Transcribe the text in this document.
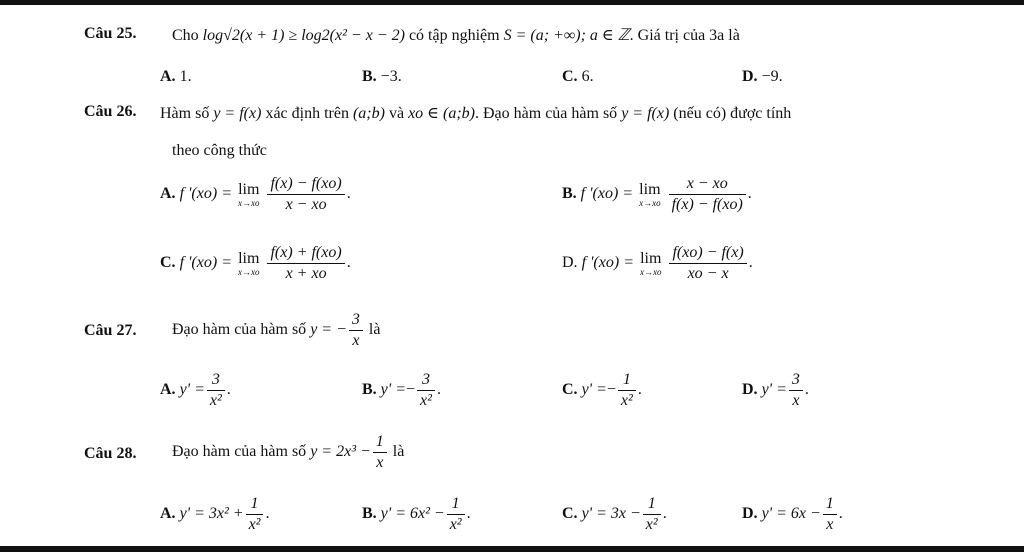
Câu 25. Cho log√2(x + 1) ≥ log2(x² − x − 2) có tập nghiệm S = (a; +∞); a ∈ ℤ. Giá trị của 3a là
A. 1.	B. −3.	C. 6.	D. −9.
Câu 26. Hàm số y = f(x) xác định trên (a;b) và xo ∈ (a;b). Đạo hàm của hàm số y = f(x) (nếu có) được tính
theo công thức
A. f '(xo) = lim
x→xo
$\frac{f(x) - f(xo)}{x - xo}$ .	B. f '(xo) = lim
x→xo
$\frac{x - xo}{f(x) - f(xo)}$ .
C. f '(xo) = lim
x→xo
$\frac{f(x) + f(xo)}{x + xo}$ .	D. f '(xo) = lim
x→xo
$\frac{f(xo) - f(x)}{xo - x}$ .
Câu 27. Đạo hàm của hàm số y = − $\frac{3}{x}$ là
A. $y' = \frac{3}{\text{x²}}$ .	B. $y' =- \frac{3}{\text{x²}}$ .	C. $y' =- \frac{1}{\text{x²}}$ .	D. $y' = \frac{3}{x}$ .
Câu 28. Đạo hàm của hàm số $y = 2x^3 - \frac{1}{x}$ là
A. $y' = 3x^2 + \frac{1}{\text{x²}}$ .	B. $y' = 6x^2 - \frac{1}{\text{x²}}$ .	C. $y' = 3x - \frac{1}{\text{x²}}$ .	D. $y' = 6x - \frac{1}{x}$ .
